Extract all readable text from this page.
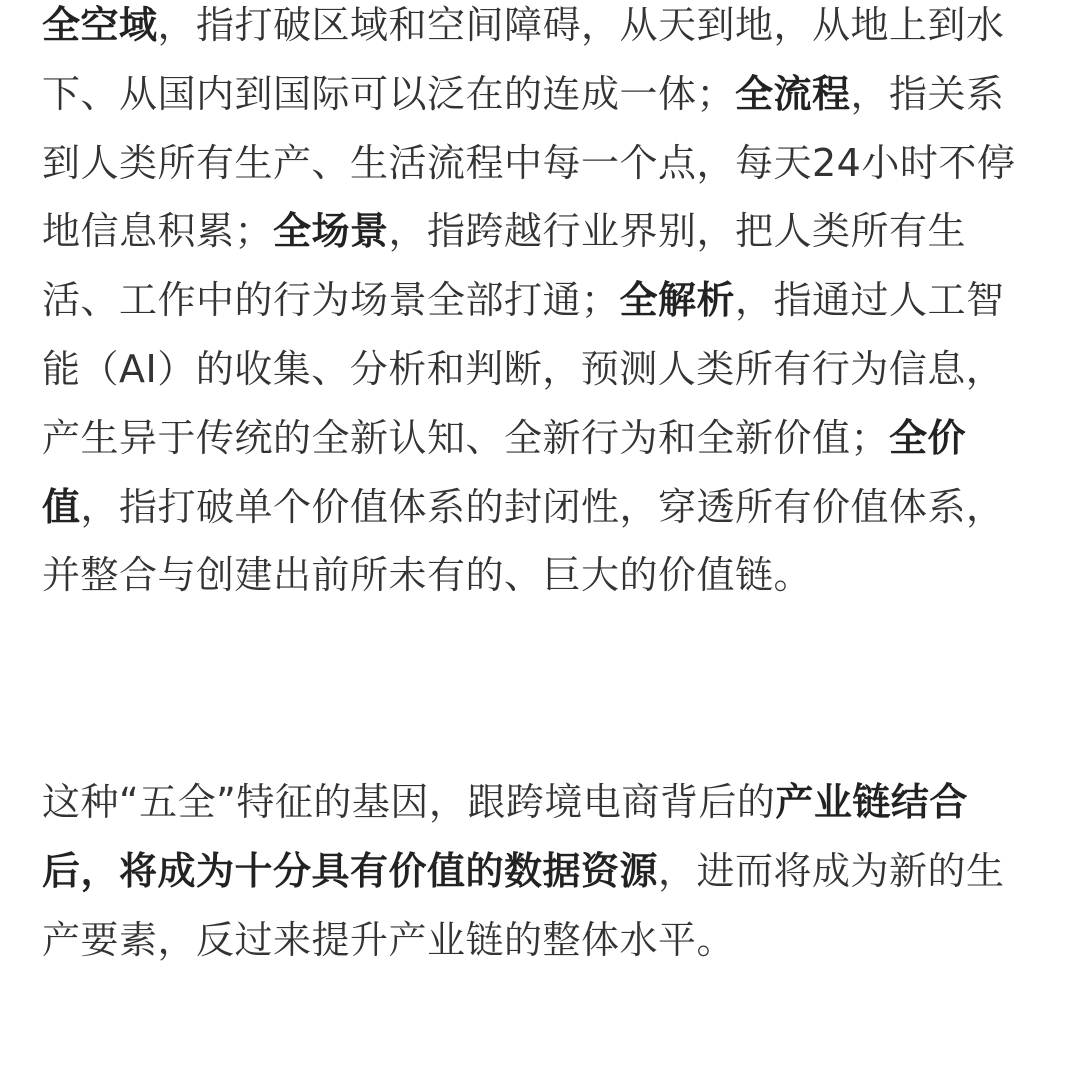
全空域，指打破区域和空间障碍，从天到地，从地上到水下、从国内到国际可以泛在的连成一体；全流程，指关系到人类所有生产、生活流程中每一个点，每天24小时不停地信息积累；全场景，指跨越行业界别，把人类所有生活、工作中的行为场景全部打通；全解析，指通过人工智能（AI）的收集、分析和判断，预测人类所有行为信息，产生异于传统的全新认知、全新行为和全新价值；全价值，指打破单个价值体系的封闭性，穿透所有价值体系，并整合与创建出前所未有的、巨大的价值链。

这种“五全”特征的基因，跟跨境电商背后的产业链结合后，将成为十分具有价值的数据资源，进而将成为新的生产要素，反过来提升产业链的整体水平。
